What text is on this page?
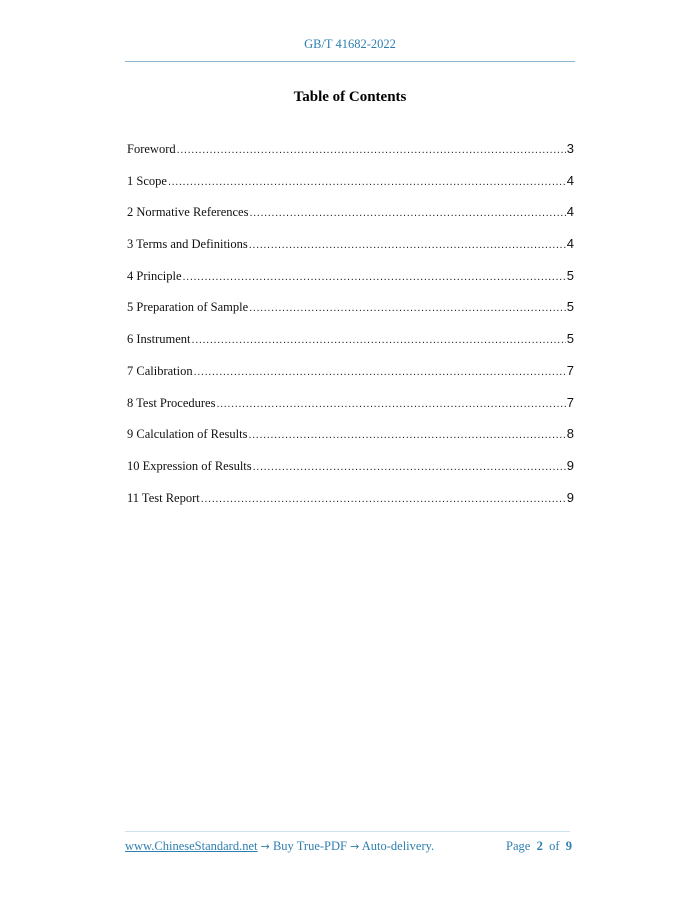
GB/T 41682-2022
Table of Contents
Foreword .....	3
1 Scope .....	4
2 Normative References .....	4
3 Terms and Definitions .....	4
4 Principle .....	5
5 Preparation of Sample .....	5
6 Instrument .....	5
7 Calibration .....	7
8 Test Procedures .....	7
9 Calculation of Results .....	8
10 Expression of Results .....	9
11 Test Report .....	9
www.ChineseStandard.net → Buy True-PDF → Auto-delivery.	Page 2 of 9
